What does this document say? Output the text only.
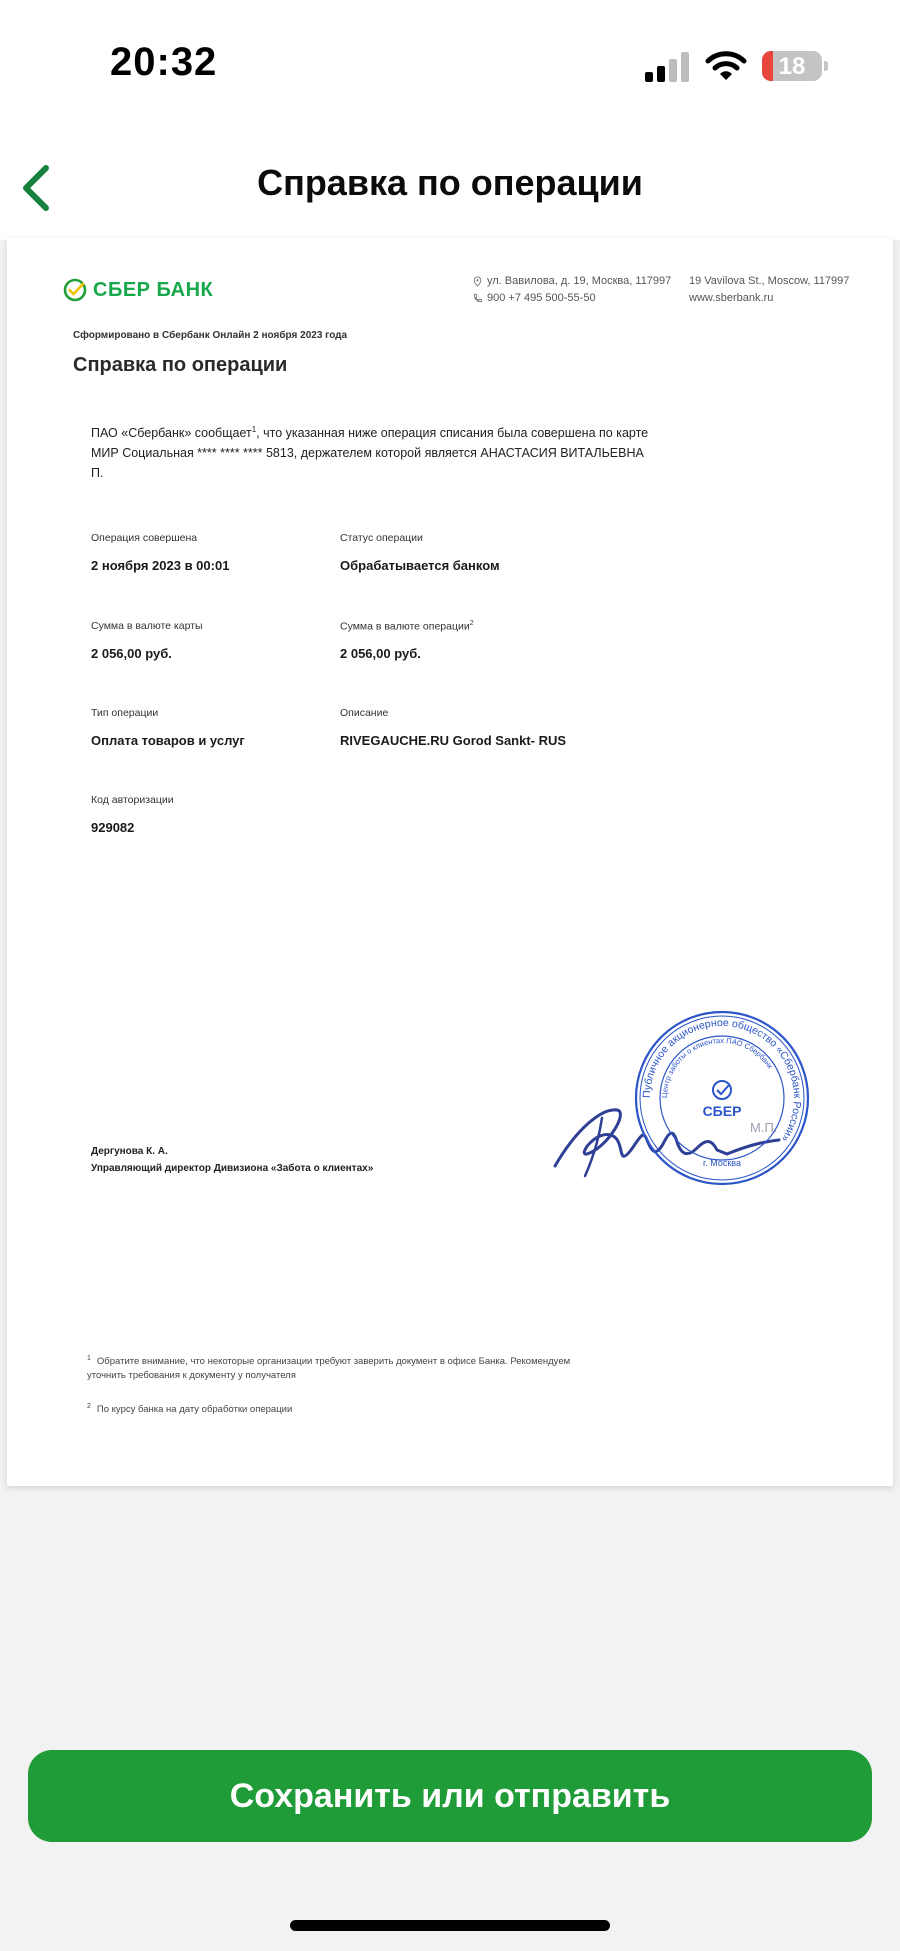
20:32	18
Справка по операции
СБЕР БАНК	ул. Вавилова, д. 19, Москва, 117997
900 +7 495 500-55-50
19 Vavilova St., Moscow, 117997
www.sberbank.ru
Сформировано в Сбербанк Онлайн 2 ноября 2023 года
Справка по операции
ПАО «Сбербанк» сообщает$^1$, что указанная ниже операция списания была совершена по карте МИР Социальная **** **** **** 5813, держателем которой является АНАСТАСИЯ ВИТАЛЬЕВНА П.
Операция совершена
2 ноября 2023 в 00:01
Статус операции
Обрабатывается банком
Сумма в валюте карты
2 056,00 руб.
Сумма в валюте операции$^2$
2 056,00 руб.
Тип операции
Оплата товаров и услуг
Описание
RIVEGAUCHE.RU Gorod Sankt- RUS
Код авторизации
929082
Дергунова К. А.
Управляющий директор Дивизиона «Забота о клиентах»
Публичное акционерное общество «Сбербанк России»
Центр заботы о клиентах ПАО Сбербанк
СБЕР
г. Москва
М.П.
$^1$ Обратите внимание, что некоторые организации требуют заверить документ в офисе Банка. Рекомендуем уточнить требования к документу у получателя
$^2$ По курсу банка на дату обработки операции
Сохранить или отправить
